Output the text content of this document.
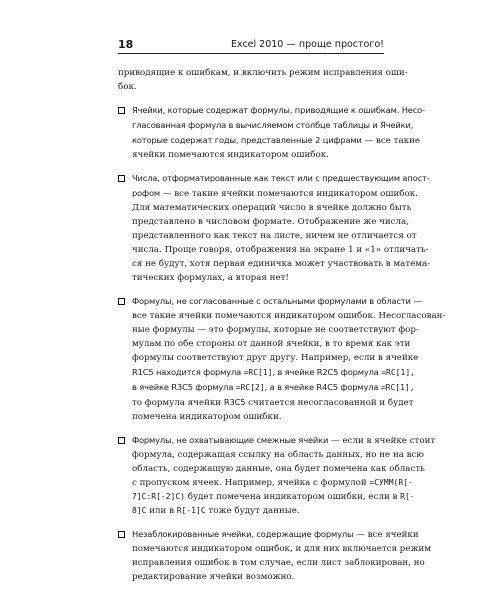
18	Excel 2010 — проще простого!

приводящие к ошибкам, и включить режим исправления оши-
бок.

Ячейки, которые содержат формулы, приводящие к ошибкам. Несо-
гласованная формула в вычисляемом столбце таблицы и Ячейки,
которые содержат годы, представленные 2 цифрами — все такие
ячейки помечаются индикатором ошибок.
Числа, отформатированные как текст или с предшествующим апост-
рофом — все такие ячейки помечаются индикатором ошибок.
Для математических операций число в ячейке должно быть
представлено в числовом формате. Отображение же числа,
представленного как текст на листе, ничем не отличается от
числа. Проще говоря, отображения на экране 1 и «1» отличать-
ся не будут, хотя первая единичка может участвовать в матема-
тических формулах, а вторая нет!
Формулы, не согласованные с остальными формулами в области —
все такие ячейки помечаются индикатором ошибок. Несогласован-
ные формулы — это формулы, которые не соответствуют фор-
мулам по обе стороны от данной ячейки, в то время как эти
формулы соответствуют друг другу. Например, если в ячейке
R1C5 находится формула =RC[1], в ячейке R2C5 формула =RC[1],
в ячейке R3C5 формула =RC[2], а в ячейке R4C5 формула =RC[1],
то формула ячейки R3C5 считается несогласованной и будет
помечена индикатором ошибки.
Формулы, не охватывающие смежные ячейки — если в ячейке стоит
формула, содержащая ссылку на область данных, но не на всю
область, содержащую данные, она будет помечена как область
с пропуском ячеек. Например, ячейка с формулой =СУММ(R[-
7]C:R[-2]C) будет помечена индикатором ошибки, если в R[-
8]C или в R[-1]C тоже будут данные.
Незаблокированные ячейки, содержащие формулы — все ячейки
помечаются индикатором ошибок, и для них включается режим
исправления ошибок в том случае, если лист заблокирован, но
редактирование ячейки возможно.
